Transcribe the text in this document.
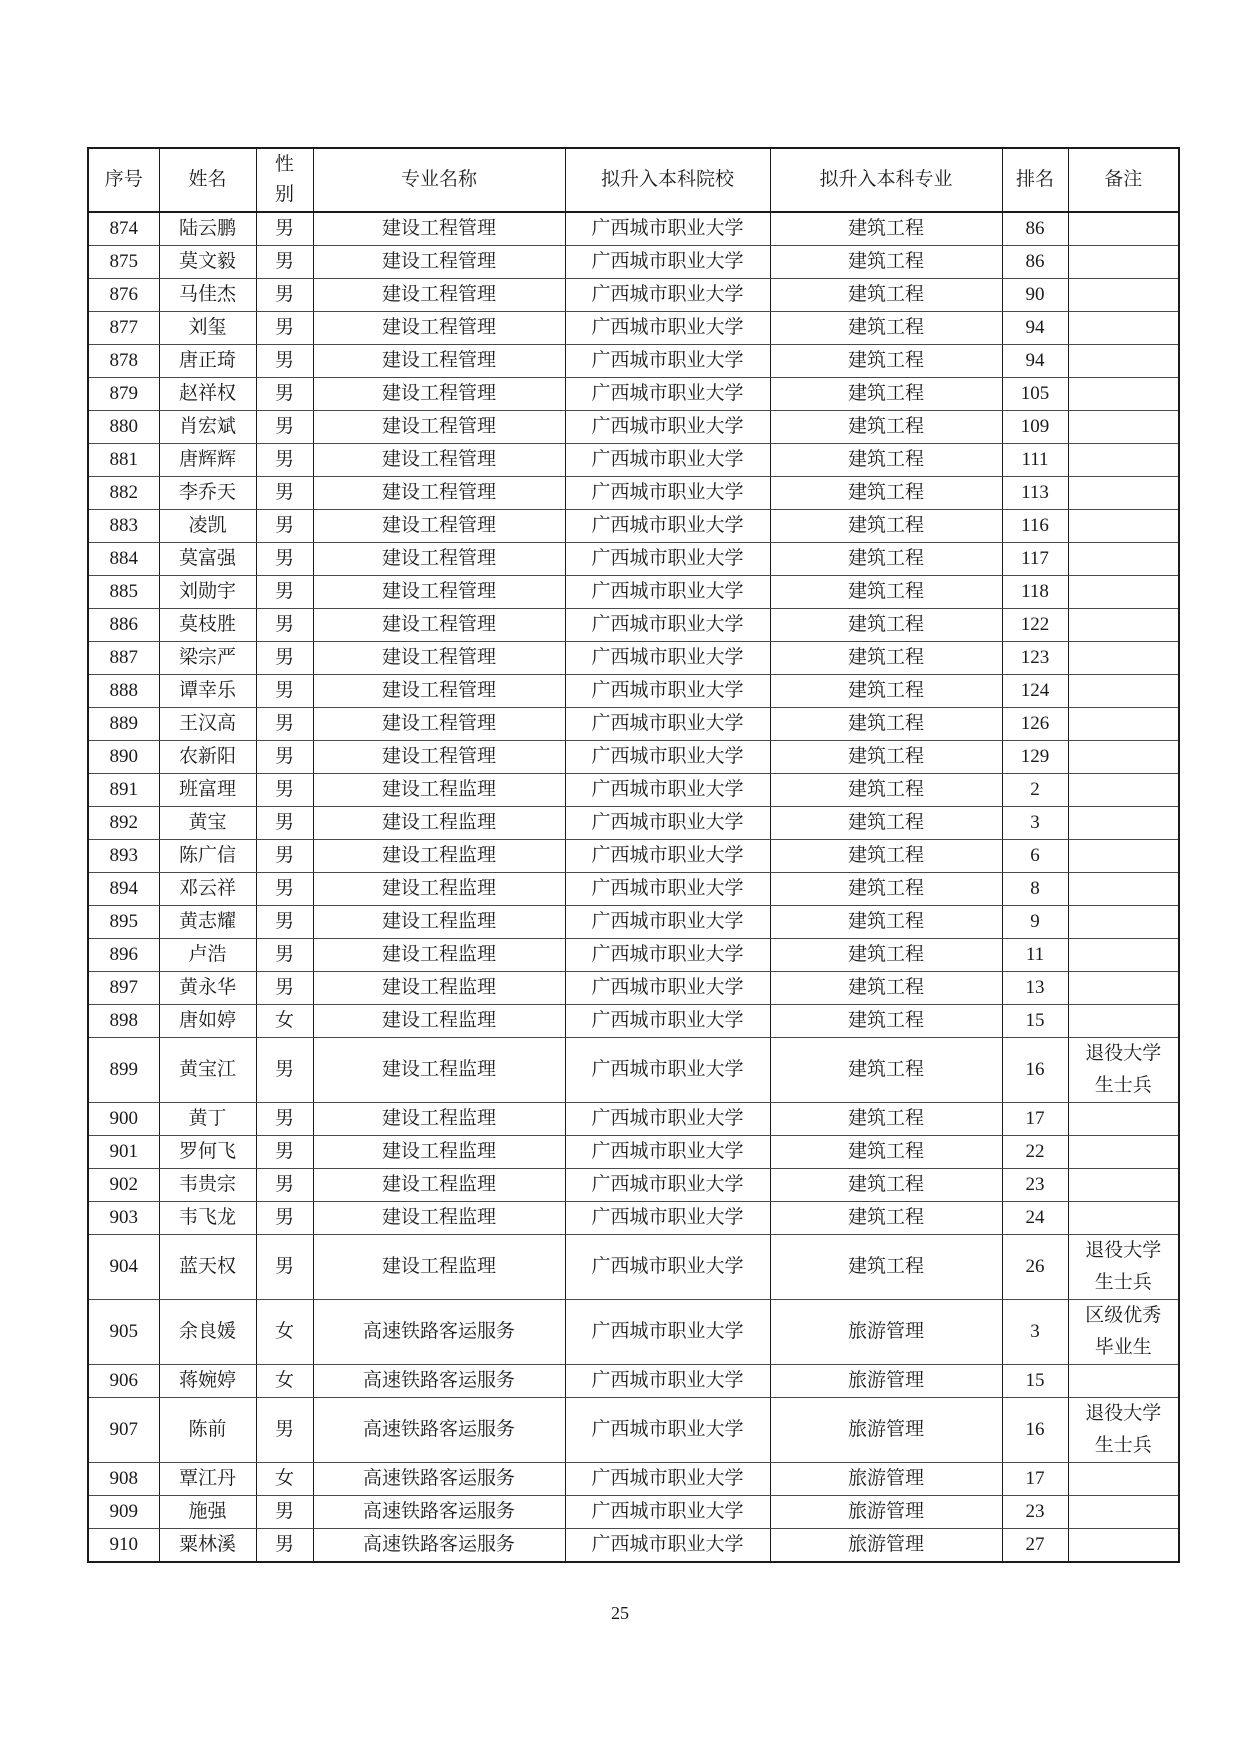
序号	姓名	性别	专业名称	拟升入本科院校	拟升入本科专业	排名	备注
874	陆云鹏	男	建设工程管理	广西城市职业大学	建筑工程	86	
875	莫文毅	男	建设工程管理	广西城市职业大学	建筑工程	86	
876	马佳杰	男	建设工程管理	广西城市职业大学	建筑工程	90	
877	刘玺	男	建设工程管理	广西城市职业大学	建筑工程	94	
878	唐正琦	男	建设工程管理	广西城市职业大学	建筑工程	94	
879	赵祥权	男	建设工程管理	广西城市职业大学	建筑工程	105	
880	肖宏斌	男	建设工程管理	广西城市职业大学	建筑工程	109	
881	唐辉辉	男	建设工程管理	广西城市职业大学	建筑工程	111	
882	李乔天	男	建设工程管理	广西城市职业大学	建筑工程	113	
883	凌凯	男	建设工程管理	广西城市职业大学	建筑工程	116	
884	莫富强	男	建设工程管理	广西城市职业大学	建筑工程	117	
885	刘勋宇	男	建设工程管理	广西城市职业大学	建筑工程	118	
886	莫枝胜	男	建设工程管理	广西城市职业大学	建筑工程	122	
887	梁宗严	男	建设工程管理	广西城市职业大学	建筑工程	123	
888	谭幸乐	男	建设工程管理	广西城市职业大学	建筑工程	124	
889	王汉高	男	建设工程管理	广西城市职业大学	建筑工程	126	
890	农新阳	男	建设工程管理	广西城市职业大学	建筑工程	129	
891	班富理	男	建设工程监理	广西城市职业大学	建筑工程	2	
892	黄宝	男	建设工程监理	广西城市职业大学	建筑工程	3	
893	陈广信	男	建设工程监理	广西城市职业大学	建筑工程	6	
894	邓云祥	男	建设工程监理	广西城市职业大学	建筑工程	8	
895	黄志耀	男	建设工程监理	广西城市职业大学	建筑工程	9	
896	卢浩	男	建设工程监理	广西城市职业大学	建筑工程	11	
897	黄永华	男	建设工程监理	广西城市职业大学	建筑工程	13	
898	唐如婷	女	建设工程监理	广西城市职业大学	建筑工程	15	
899	黄宝江	男	建设工程监理	广西城市职业大学	建筑工程	16	退役大学生士兵
900	黄丁	男	建设工程监理	广西城市职业大学	建筑工程	17	
901	罗何飞	男	建设工程监理	广西城市职业大学	建筑工程	22	
902	韦贵宗	男	建设工程监理	广西城市职业大学	建筑工程	23	
903	韦飞龙	男	建设工程监理	广西城市职业大学	建筑工程	24	
904	蓝天权	男	建设工程监理	广西城市职业大学	建筑工程	26	退役大学生士兵
905	余良媛	女	高速铁路客运服务	广西城市职业大学	旅游管理	3	区级优秀毕业生
906	蒋婉婷	女	高速铁路客运服务	广西城市职业大学	旅游管理	15	
907	陈前	男	高速铁路客运服务	广西城市职业大学	旅游管理	16	退役大学生士兵
908	覃江丹	女	高速铁路客运服务	广西城市职业大学	旅游管理	17	
909	施强	男	高速铁路客运服务	广西城市职业大学	旅游管理	23	
910	粟林溪	男	高速铁路客运服务	广西城市职业大学	旅游管理	27	
25
